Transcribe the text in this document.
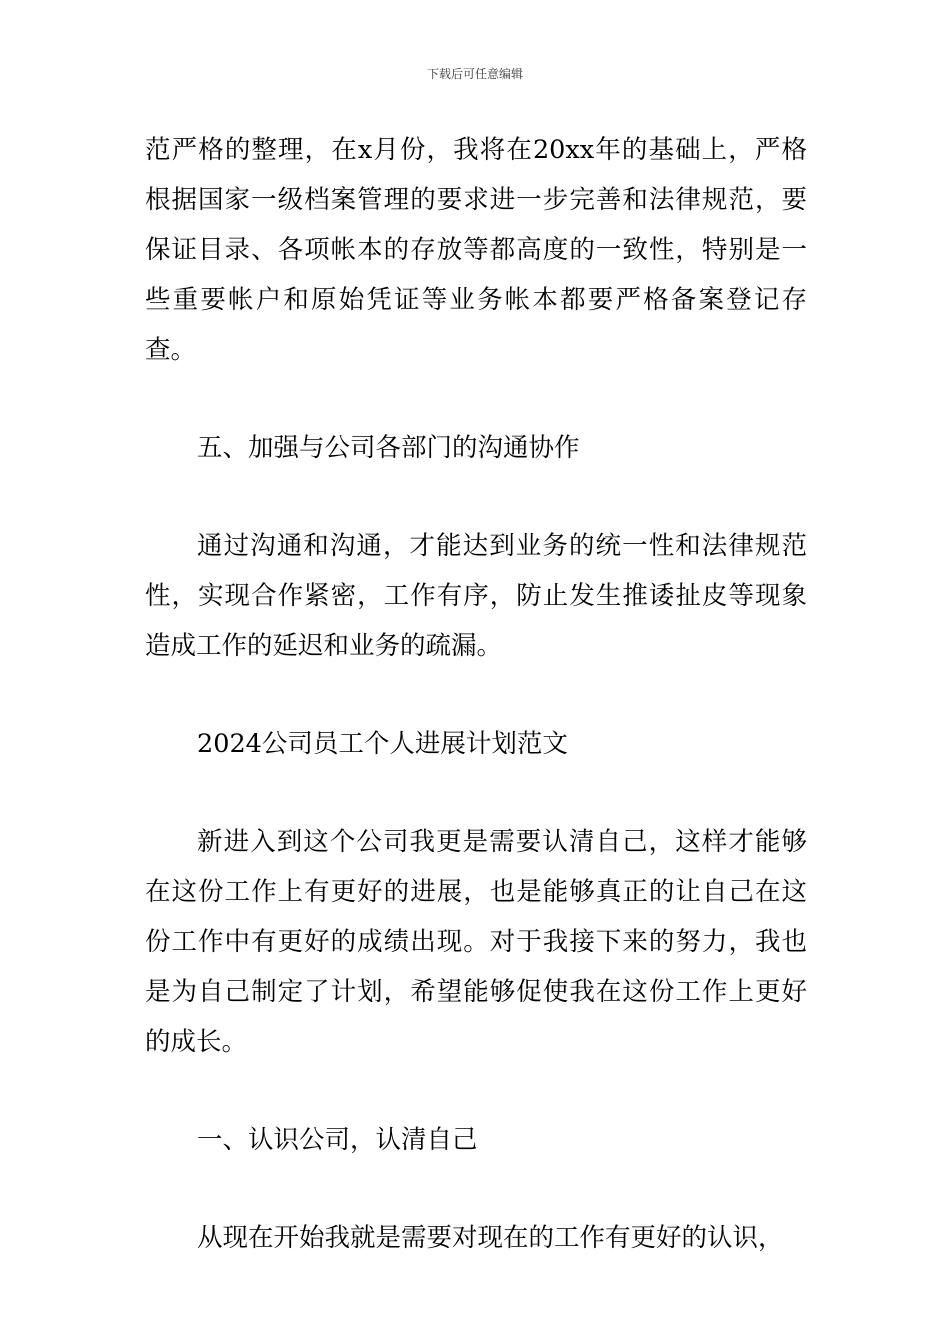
下载后可任意编辑

范严格的整理，在x月份，我将在20xx年的基础上，严格根据国家一级档案管理的要求进一步完善和法律规范，要保证目录、各项帐本的存放等都高度的一致性，特别是一些重要帐户和原始凭证等业务帐本都要严格备案登记存查。

五、加强与公司各部门的沟通协作

通过沟通和沟通，才能达到业务的统一性和法律规范性，实现合作紧密，工作有序，防止发生推诿扯皮等现象造成工作的延迟和业务的疏漏。

2024公司员工个人进展计划范文

新进入到这个公司我更是需要认清自己，这样才能够在这份工作上有更好的进展，也是能够真正的让自己在这份工作中有更好的成绩出现。对于我接下来的努力，我也是为自己制定了计划，希望能够促使我在这份工作上更好的成长。

一、认识公司，认清自己

从现在开始我就是需要对现在的工作有更好的认识，
